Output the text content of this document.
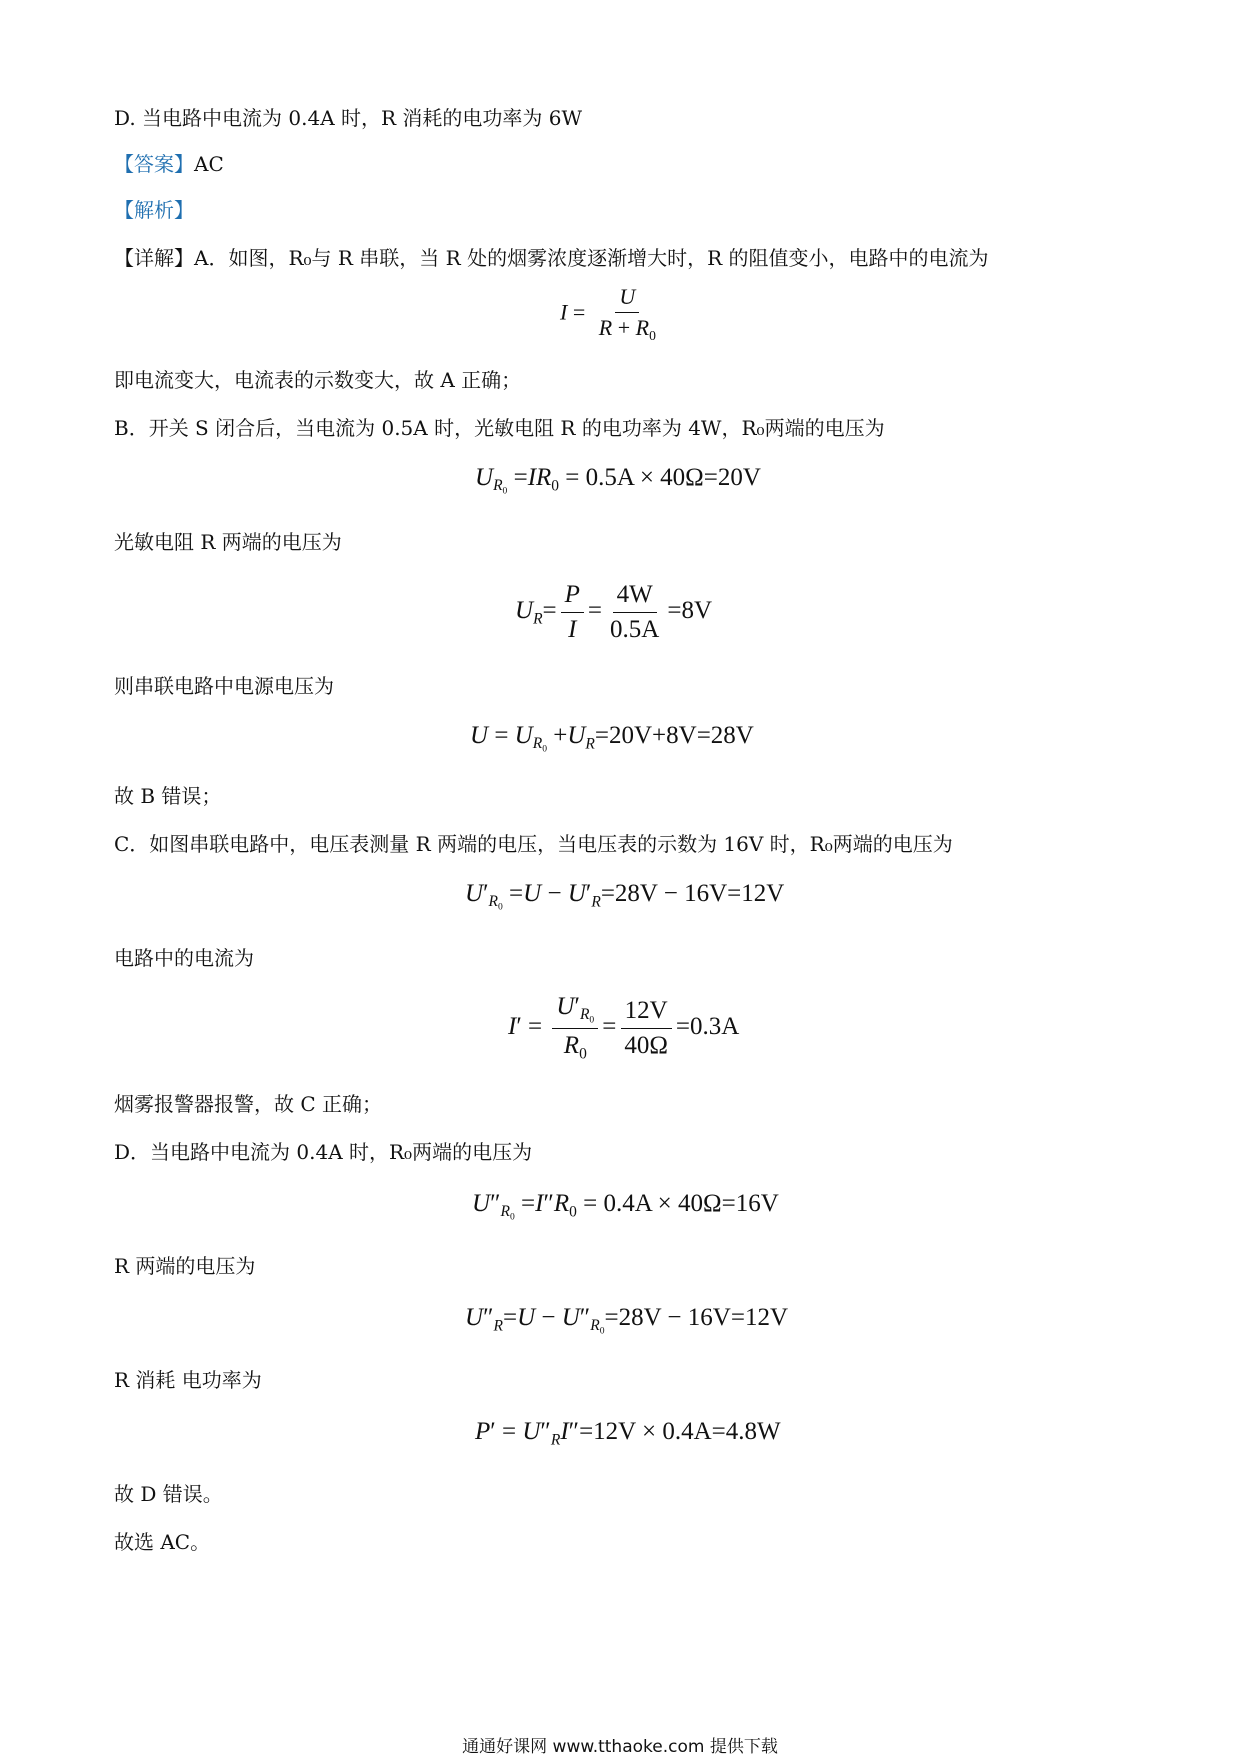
D. 当电路中电流为 0.4A 时，R 消耗的电功率为 6W
【答案】AC
【解析】
【详解】A．如图，R₀与 R 串联，当 R 处的烟雾浓度逐渐增大时，R 的阻值变小，电路中的电流为
$I = \frac{U}{R + R_0}$
即电流变大，电流表的示数变大，故 A 正确；
B．开关 S 闭合后，当电流为 0.5A 时，光敏电阻 R 的电功率为 4W，R₀两端的电压为
$U_{R_0} =IR_0 = 0.5A \times 40\Omega=20V$
光敏电阻 R 两端的电压为
$U_R= \frac{P}{I} = \frac{4W}{0.5A} =8V$
则串联电路中电源电压为
$U = U_{R_0} +U_R=20V+8V=28V$
故 B 错误；
C．如图串联电路中，电压表测量 R 两端的电压，当电压表的示数为 16V 时，R₀两端的电压为
$U'_{R_0} =U - U'_R=28V - 16V=12V$
电路中的电流为
$I' = \frac{U'_{R_0}}{R_0} = \frac{12V}{40\Omega} =0.3A$
烟雾报警器报警，故 C 正确；
D．当电路中电流为 0.4A 时，R₀两端的电压为
$U''_{R_0} =I''R_0 = 0.4A \times 40\Omega=16V$
R 两端的电压为
$U''_R=U - U''_{R_0}=28V - 16V=12V$
R 消耗 电功率为
$P' = U''_RI''=12V \times 0.4A=4.8W$
故 D 错误。
故选 AC。
通通好课网 www.tthaoke.com 提供下载
